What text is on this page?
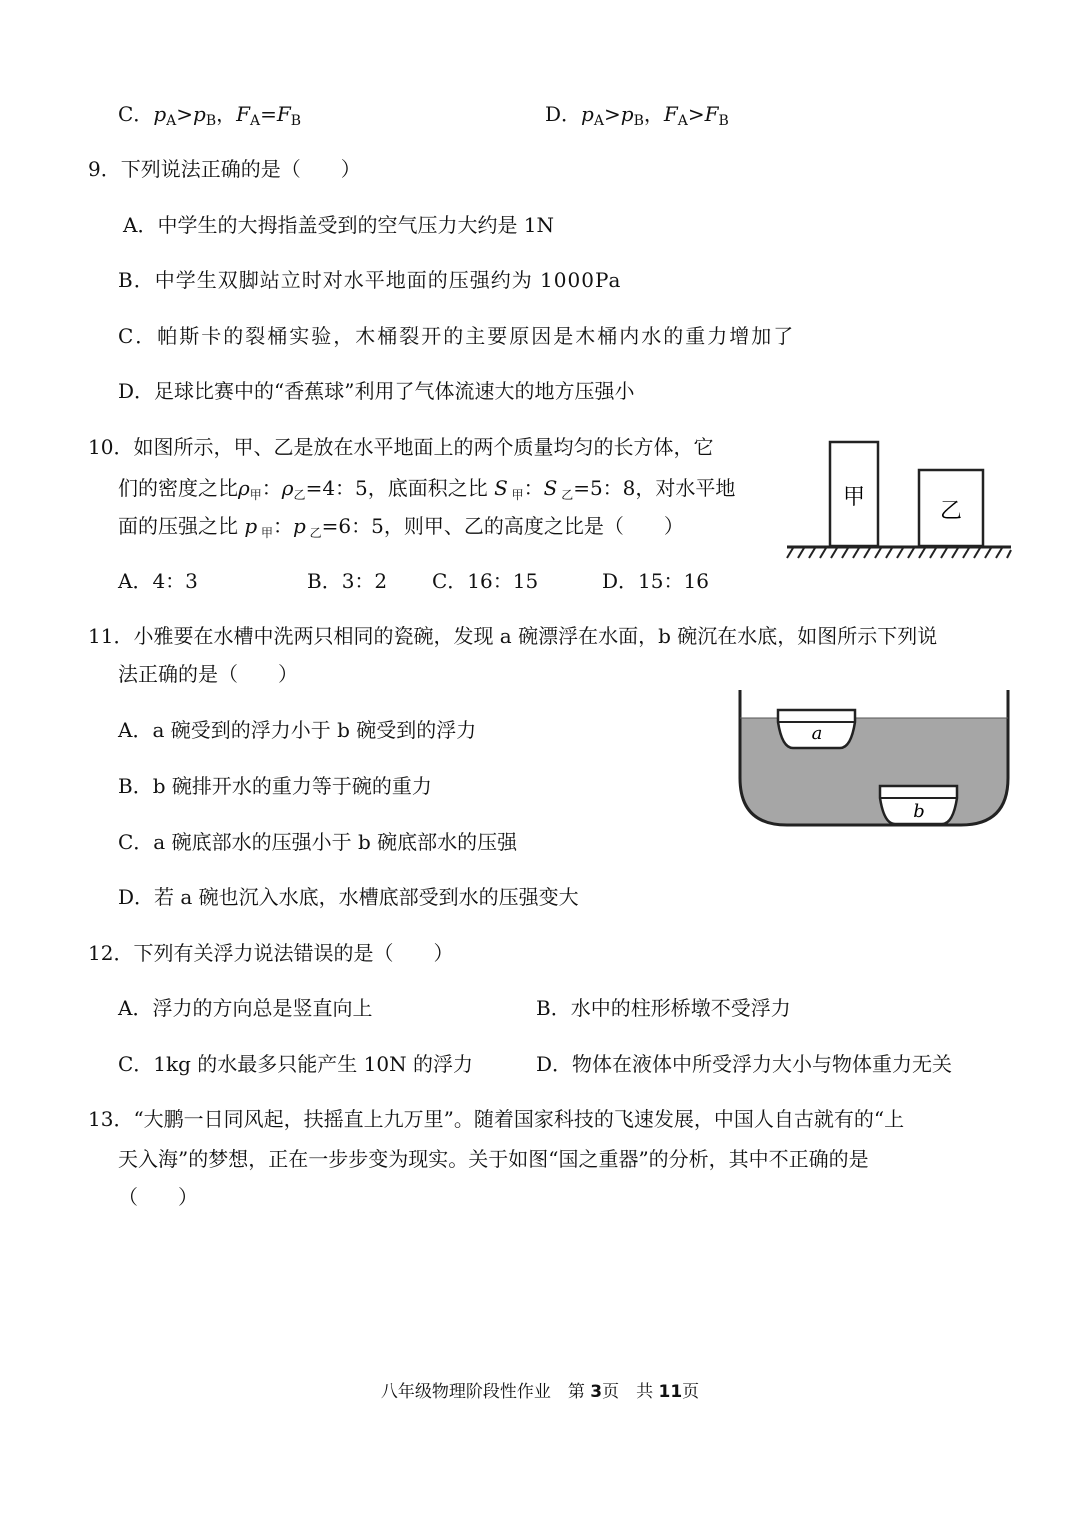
C．$p_A>p_B$，$F_A=F_B$	D．$p_A>p_B$，$F_A>F_B$
9．下列说法正确的是（　　）
A．中学生的大拇指盖受到的空气压力大约是 1N
B．中学生双脚站立时对水平地面的压强约为 1000Pa
C．帕斯卡的裂桶实验，木桶裂开的主要原因是木桶内水的重力增加了
D．足球比赛中的“香蕉球”利用了气体流速大的地方压强小
10．如图所示，甲、乙是放在水平地面上的两个质量均匀的长方体，它
们的密度之比$\rho_甲$：$\rho_乙=4$：5，底面积之比 S $_甲$：S $_乙$=5：8，对水平地
面的压强之比 p $_甲$：p $_乙$=6：5，则甲、乙的高度之比是（　　）
A．4：3	B．3：2 C．16：15	D．15：16
甲
乙
11．小雅要在水槽中洗两只相同的瓷碗，发现 a 碗漂浮在水面，b 碗沉在水底，如图所示下列说
法正确的是（　　）
A．a 碗受到的浮力小于 b 碗受到的浮力
B．b 碗排开水的重力等于碗的重力
C．a 碗底部水的压强小于 b 碗底部水的压强
D．若 a 碗也沉入水底，水槽底部受到水的压强变大
a
b
12．下列有关浮力说法错误的是（　　）
A．浮力的方向总是竖直向上	B．水中的柱形桥墩不受浮力
C．1kg 的水最多只能产生 10N 的浮力	D．物体在液体中所受浮力大小与物体重力无关
13．“大鹏一日同风起，扶摇直上九万里”。随着国家科技的飞速发展，中国人自古就有的“上
天入海”的梦想，正在一步步变为现实。关于如图“国之重器”的分析，其中不正确的是
（　　）
八年级物理阶段性作业　第 3页　共 11页
